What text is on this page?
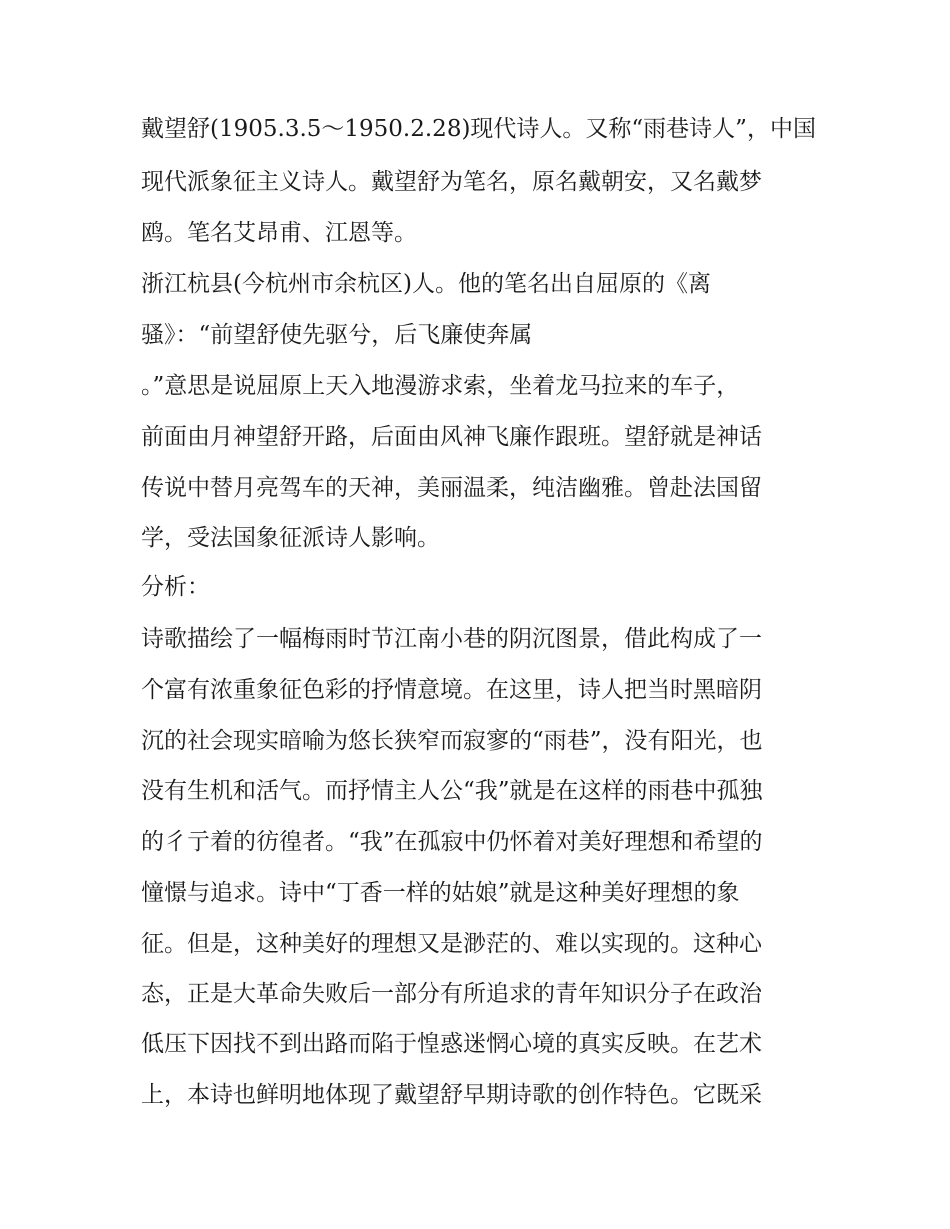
戴望舒(1905.3.5～1950.2.28)现代诗人。又称“雨巷诗人”，中国
现代派象征主义诗人。戴望舒为笔名，原名戴朝安，又名戴梦
鸥。笔名艾昂甫、江恩等。
浙江杭县(今杭州市余杭区)人。他的笔名出自屈原的《离
骚》：“前望舒使先驱兮，后飞廉使奔属
。”意思是说屈原上天入地漫游求索，坐着龙马拉来的车子，
前面由月神望舒开路，后面由风神飞廉作跟班。望舒就是神话
传说中替月亮驾车的天神，美丽温柔，纯洁幽雅。曾赴法国留
学，受法国象征派诗人影响。
分析：
诗歌描绘了一幅梅雨时节江南小巷的阴沉图景，借此构成了一
个富有浓重象征色彩的抒情意境。在这里，诗人把当时黑暗阴
沉的社会现实暗喻为悠长狭窄而寂寥的“雨巷”，没有阳光，也
没有生机和活气。而抒情主人公“我”就是在这样的雨巷中孤独
的彳亍着的彷徨者。“我”在孤寂中仍怀着对美好理想和希望的
憧憬与追求。诗中“丁香一样的姑娘”就是这种美好理想的象
征。但是，这种美好的理想又是渺茫的、难以实现的。这种心
态，正是大革命失败后一部分有所追求的青年知识分子在政治
低压下因找不到出路而陷于惶惑迷惘心境的真实反映。在艺术
上，本诗也鲜明地体现了戴望舒早期诗歌的创作特色。它既采
